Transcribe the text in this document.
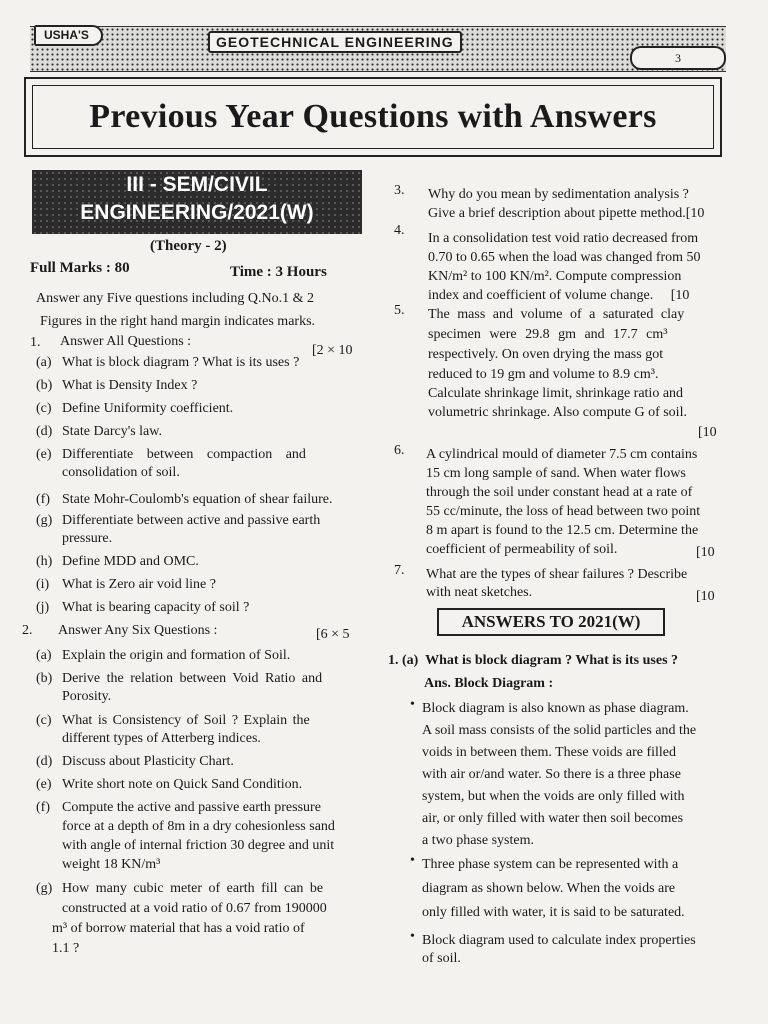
USHA'S	GEOTECHNICAL ENGINEERING
3
Previous Year Questions with Answers
III - SEM/CIVIL
ENGINEERING/2021(W)
(Theory - 2)
Full Marks : 80	Time : 3 Hours
Answer any Five questions including Q.No.1 & 2
Figures in the right hand margin indicates marks.
1. Answer All Questions :
[2 × 10
(a) What is block diagram ? What is its uses ?
(b) What is Density Index ?
(c) Define Uniformity coefficient.
(d) State Darcy's law.
(e) Differentiate between compaction and
consolidation of soil.
(f) State Mohr-Coulomb's equation of shear failure.
(g) Differentiate between active and passive earth
pressure.
(h) Define MDD and OMC.
(i) What is Zero air void line ?
(j) What is bearing capacity of soil ?
2. Answer Any Six Questions :	[6 × 5
(a) Explain the origin and formation of Soil.
(b) Derive the relation between Void Ratio and
Porosity.
(c) What is Consistency of Soil ? Explain the
different types of Atterberg indices.
(d) Discuss about Plasticity Chart.
(e) Write short note on Quick Sand Condition.
(f) Compute the active and passive earth pressure
force at a depth of 8m in a dry cohesionless sand
with angle of internal friction 30 degree and unit
weight 18 KN/m³
(g) How many cubic meter of earth fill can be
constructed at a void ratio of 0.67 from 190000
m³ of borrow material that has a void ratio of
1.1 ?
3. Why do you mean by sedimentation analysis ?
Give a brief description about pipette method.[10
4.
In a consolidation test void ratio decreased from
0.70 to 0.65 when the load was changed from 50
KN/m² to 100 KN/m². Compute compression
index and coefficient of volume change.     [10
5. The mass and volume of a saturated clay
specimen were 29.8 gm and 17.7 cm³
respectively. On oven drying the mass got
reduced to 19 gm and volume to 8.9 cm³.
Calculate shrinkage limit, shrinkage ratio and
volumetric shrinkage. Also compute G of soil.
[10
6. A cylindrical mould of diameter 7.5 cm contains
15 cm long sample of sand. When water flows
through the soil under constant head at a rate of
55 cc/minute, the loss of head between two point
8 m apart is found to the 12.5 cm. Determine the
coefficient of permeability of soil.	[10
7. What are the types of shear failures ? Describe
with neat sketches.	[10
ANSWERS TO 2021(W)
1. (a)  What is block diagram ? What is its uses ?
Ans. Block Diagram :
• Block diagram is also known as phase diagram.
A soil mass consists of the solid particles and the
voids in between them. These voids are filled
with air or/and water. So there is a three phase
system, but when the voids are only filled with
air, or only filled with water then soil becomes
a two phase system.
• Three phase system can be represented with a
diagram as shown below. When the voids are
only filled with water, it is said to be saturated.
• Block diagram used to calculate index properties
of soil.
